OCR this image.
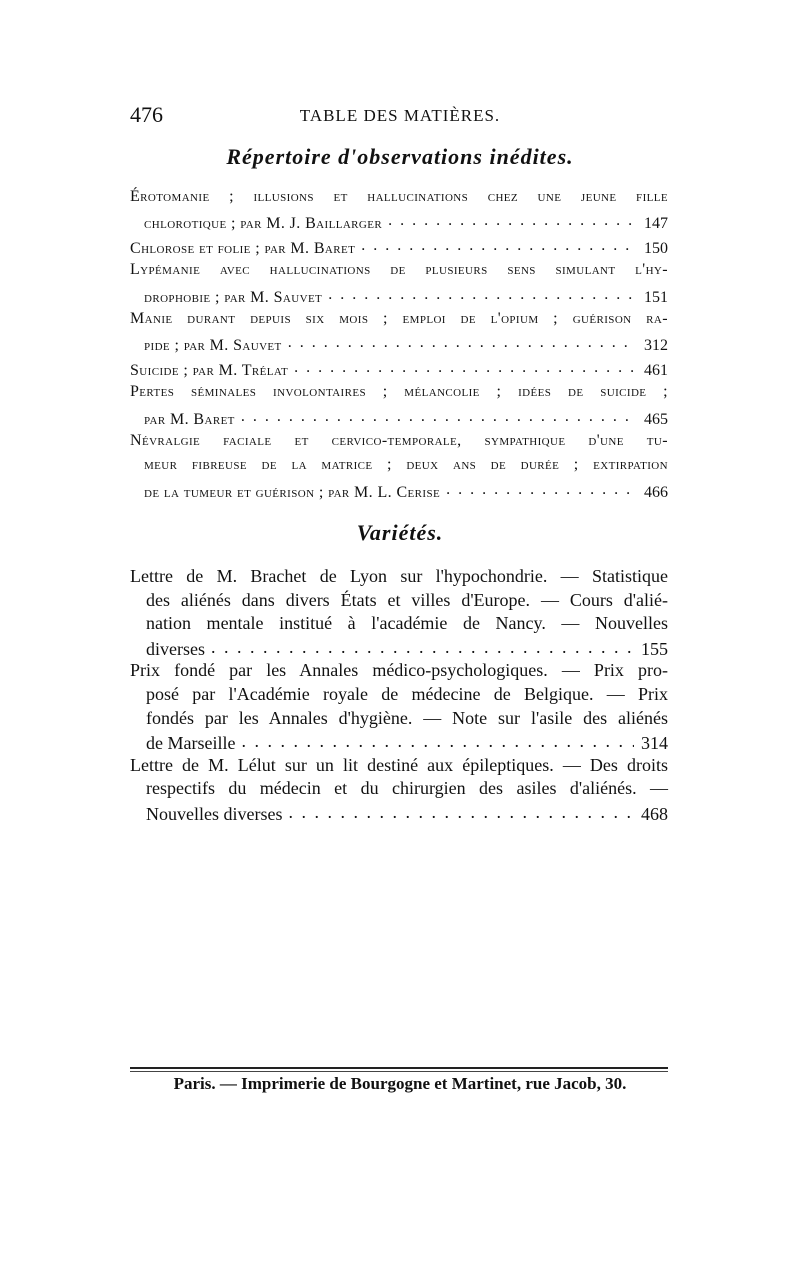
476	TABLE DES MATIÈRES.
Répertoire d'observations inédites.
Érotomanie ; illusions et hallucinations chez une jeune fille
chlorotique ; par M. J. Baillarger . . .	147
Chlorose et folie ; par M. Baret . . .	150
Lypémanie avec hallucinations de plusieurs sens simulant l'hy-
drophobie ; par M. Sauvet . . .	151
Manie durant depuis six mois ; emploi de l'opium ; guérison ra-
pide ; par M. Sauvet . . .	312
Suicide ; par M. Trélat . . .	461
Pertes séminales involontaires ; mélancolie ; idées de suicide ;
par M. Baret . . .	465
Névralgie faciale et cervico-temporale, sympathique d'une tu-
meur fibreuse de la matrice ; deux ans de durée ; extirpation
de la tumeur et guérison ; par M. L. Cerise . . .	466
Variétés.
Lettre de M. Brachet de Lyon sur l'hypochondrie. — Statistique
des aliénés dans divers États et villes d'Europe. — Cours d'alié-
nation mentale institué à l'académie de Nancy. — Nouvelles
diverses . . .	155
Prix fondé par les Annales médico-psychologiques. — Prix pro-
posé par l'Académie royale de médecine de Belgique. — Prix
fondés par les Annales d'hygiène. — Note sur l'asile des aliénés
de Marseille . . .	314
Lettre de M. Lélut sur un lit destiné aux épileptiques. — Des droits
respectifs du médecin et du chirurgien des asiles d'aliénés. —
Nouvelles diverses . . .	468
Paris. — Imprimerie de Bourgogne et Martinet, rue Jacob, 30.
